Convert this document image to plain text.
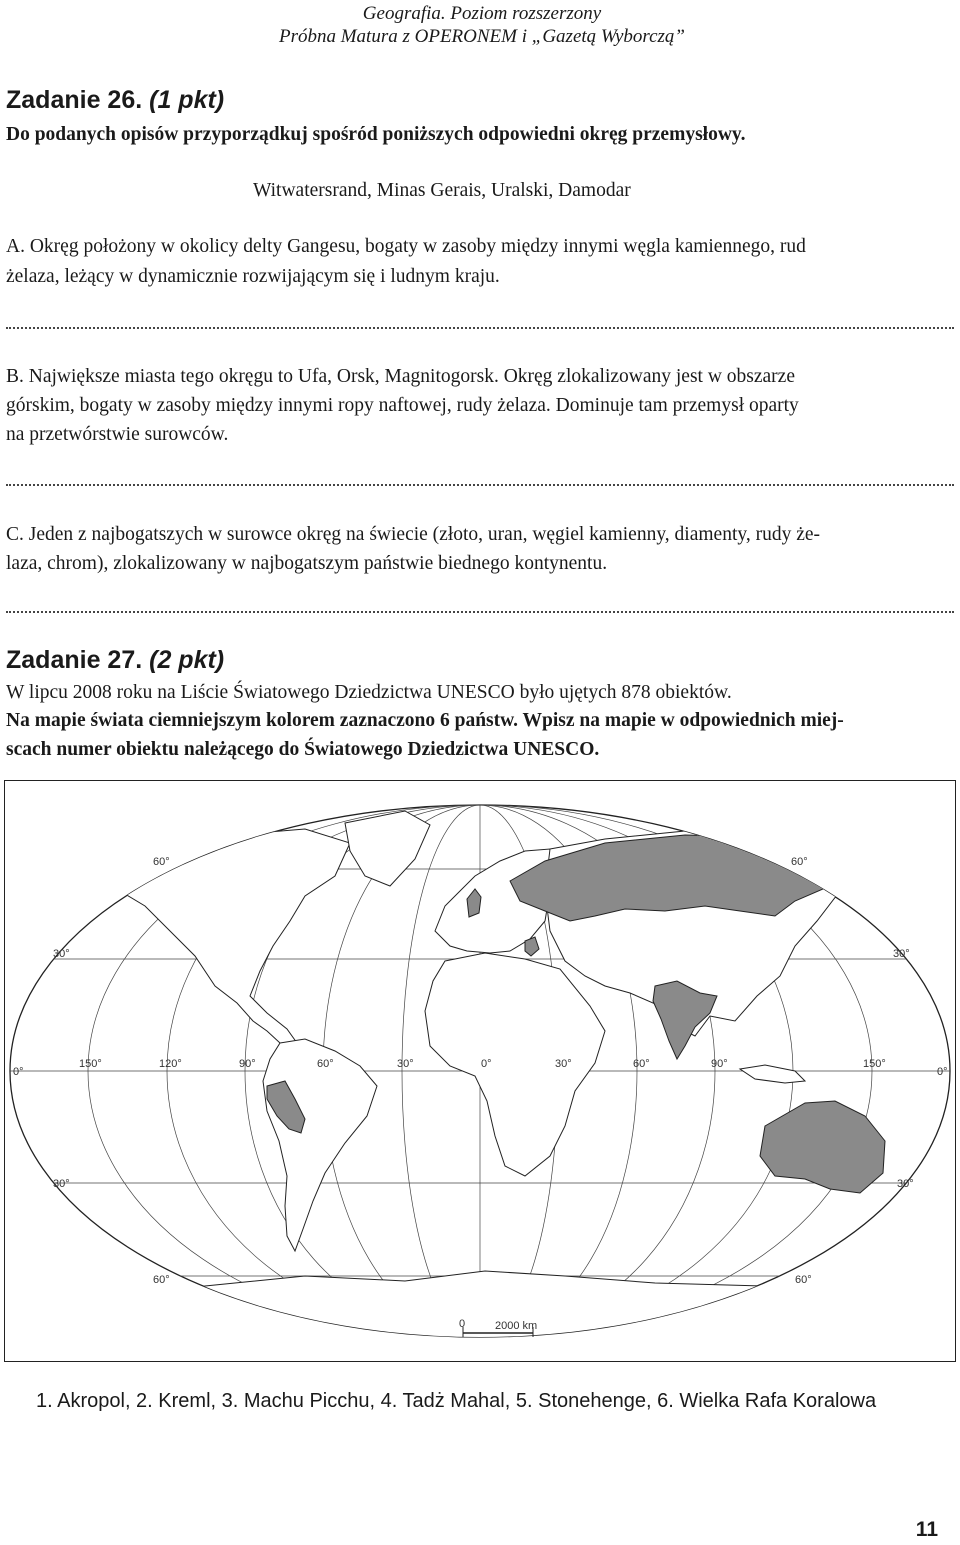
Geografia. Poziom rozszerzony
Próbna Matura z OPERONEM i „Gazetą Wyborczą”
Zadanie 26. (1 pkt)
Do podanych opisów przyporządkuj spośród poniższych odpowiedni okręg przemysłowy.
Witwatersrand, Minas Gerais, Uralski, Damodar
A. Okręg położony w okolicy delty Gangesu, bogaty w zasoby między innymi węgla kamiennego, rud
żelaza, leżący w dynamicznie rozwijającym się i ludnym kraju.
B. Największe miasta tego okręgu to Ufa, Orsk, Magnitogorsk. Okręg zlokalizowany jest w obszarze
górskim, bogaty w zasoby między innymi ropy naftowej, rudy żelaza. Dominuje tam przemysł oparty
na przetwórstwie surowców.
C. Jeden z najbogatszych w surowce okręg na świecie (złoto, uran, węgiel kamienny, diamenty, rudy że-
laza, chrom), zlokalizowany w najbogatszym państwie biednego kontynentu.
Zadanie 27. (2 pkt)
W lipcu 2008 roku na Liście Światowego Dziedzictwa UNESCO było ujętych 878 obiektów.
Na mapie świata ciemniejszym kolorem zaznaczono 6 państw. Wpisz na mapie w odpowiednich miej-
scach numer obiektu należącego do Światowego Dziedzictwa UNESCO.
60°	60°
30°	30°
0°	0°
30°	30°
60°	60°
150°	120°	90°	60°	30°	0°	30°	60°	90°	150°
0	2000 km
1. Akropol, 2. Kreml, 3. Machu Picchu, 4. Tadż Mahal, 5. Stonehenge, 6. Wielka Rafa Koralowa
11
